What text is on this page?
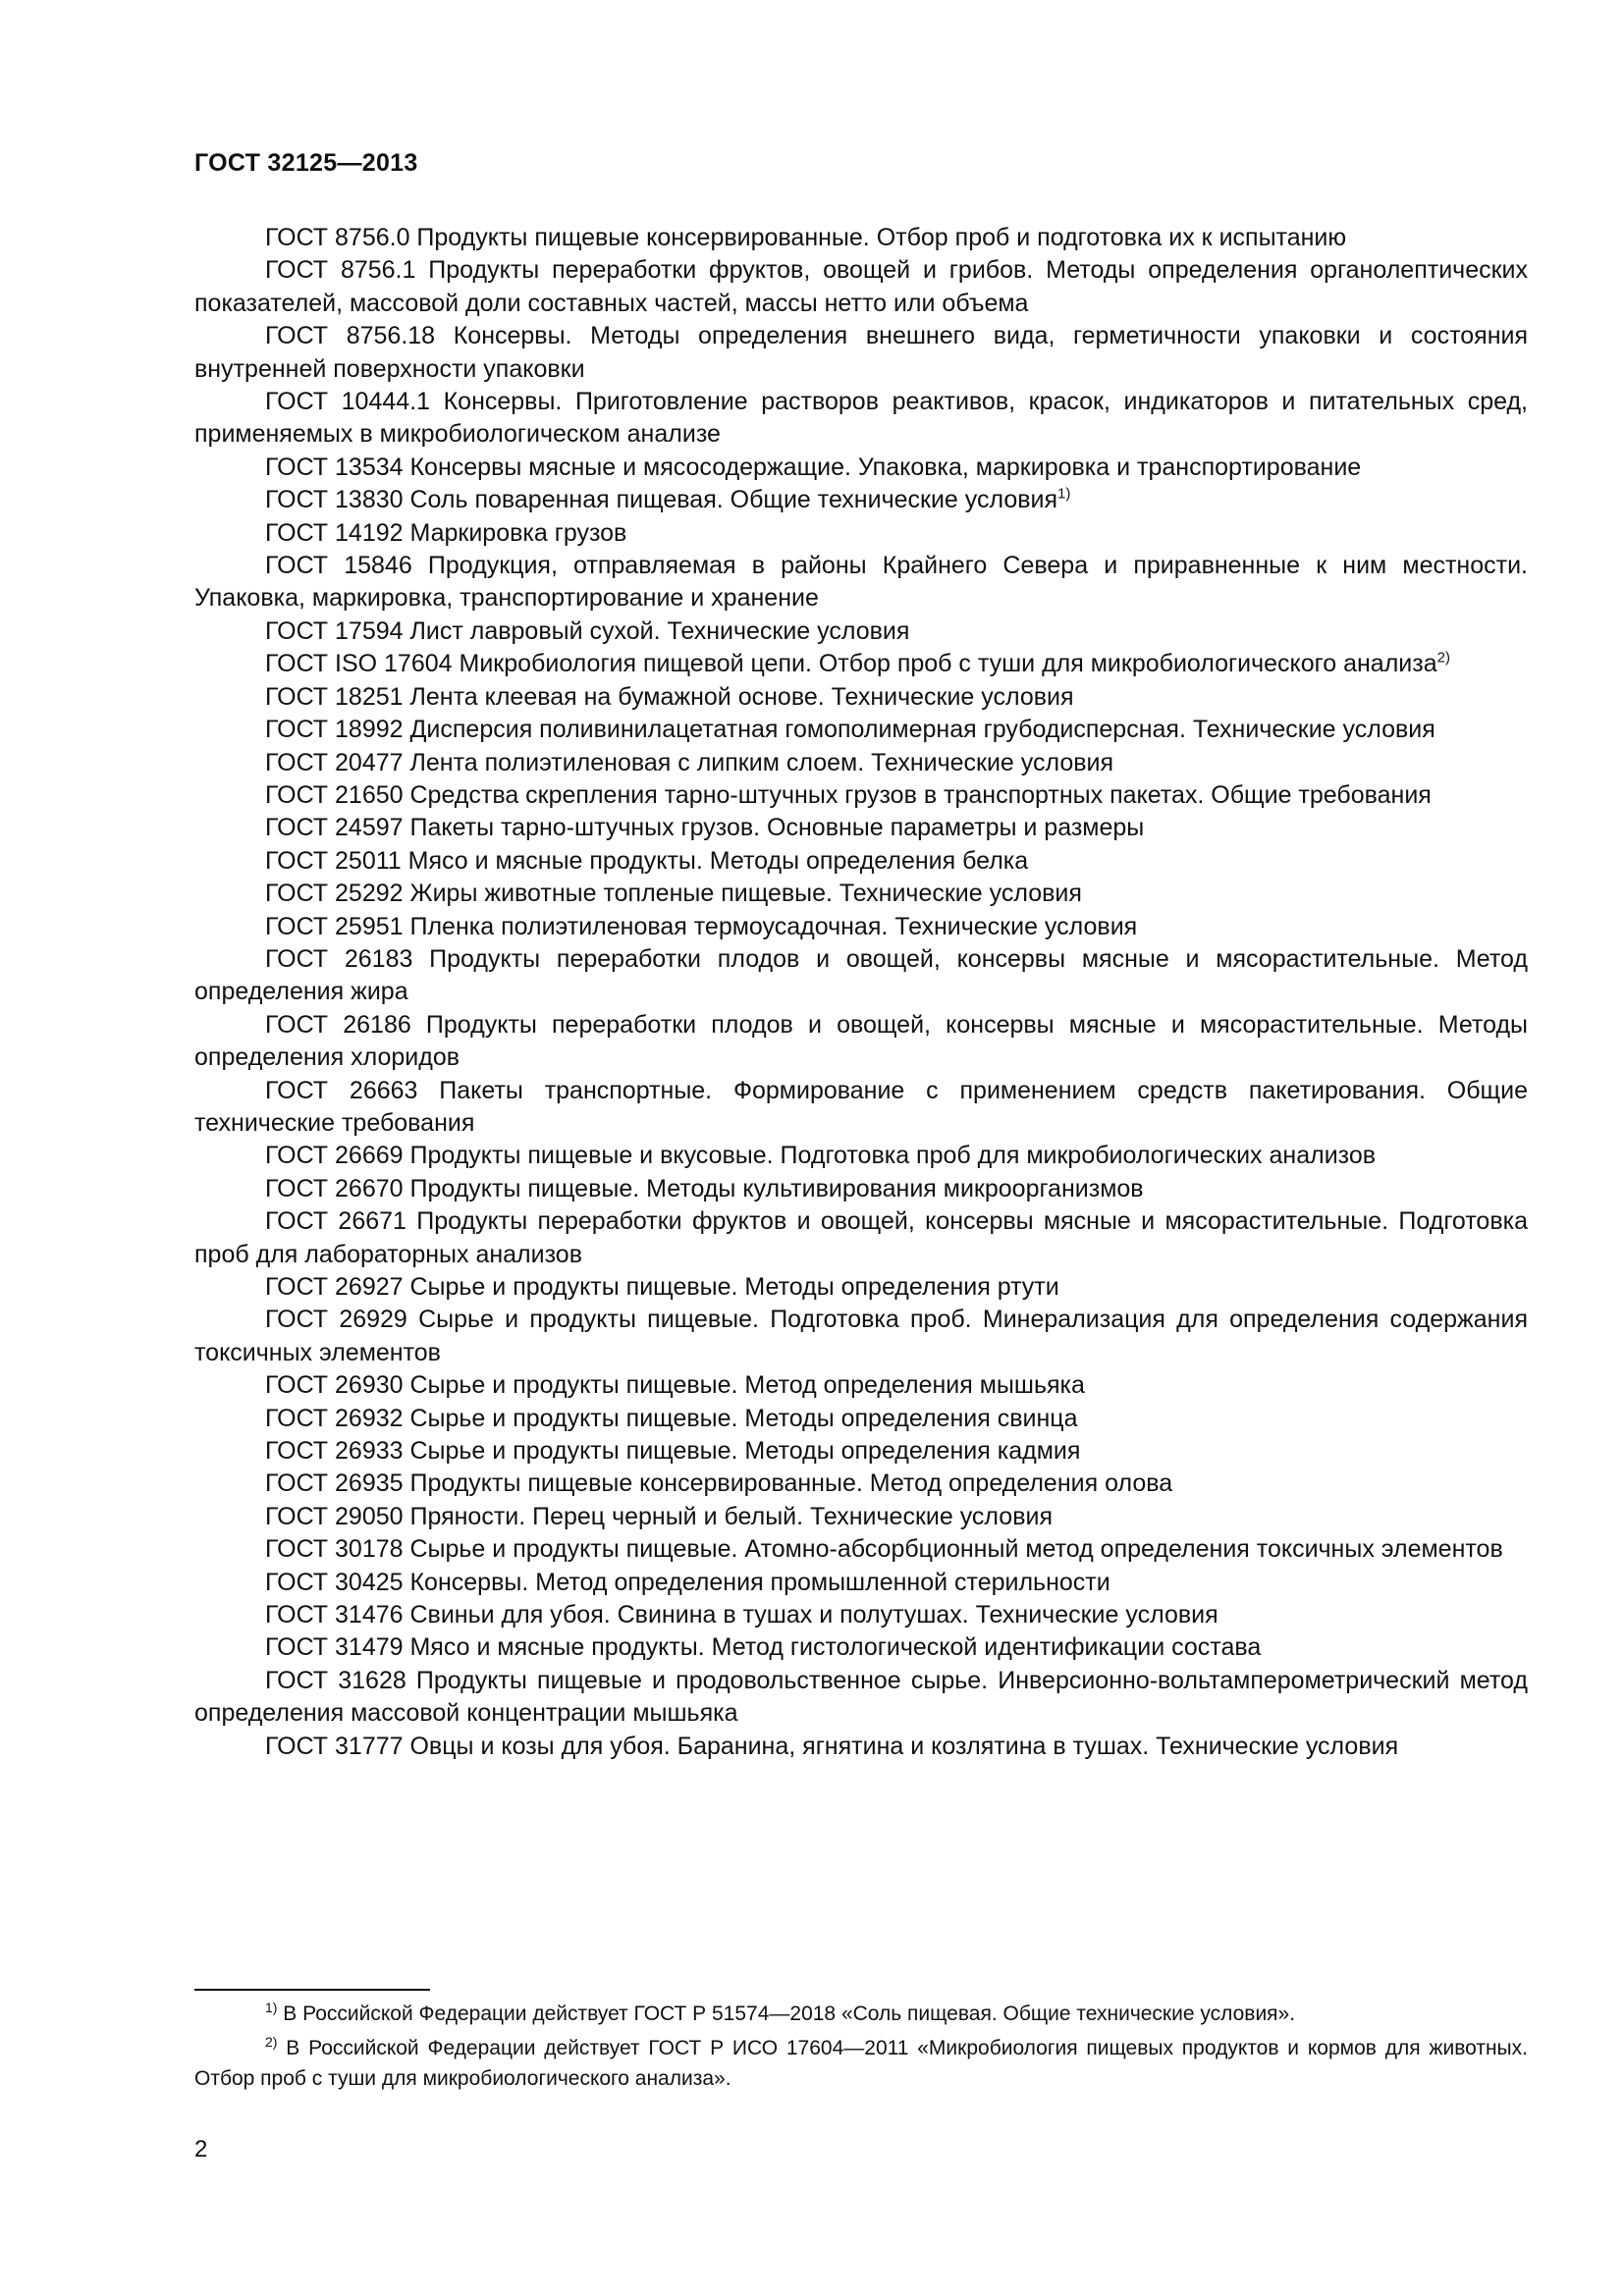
ГОСТ 32125—2013

ГОСТ 8756.0 Продукты пищевые консервированные. Отбор проб и подготовка их к испытанию

ГОСТ 8756.1 Продукты переработки фруктов, овощей и грибов. Методы определения органолептических показателей, массовой доли составных частей, массы нетто или объема

ГОСТ 8756.18 Консервы. Методы определения внешнего вида, герметичности упаковки и состояния внутренней поверхности упаковки

ГОСТ 10444.1 Консервы. Приготовление растворов реактивов, красок, индикаторов и питательных сред, применяемых в микробиологическом анализе

ГОСТ 13534 Консервы мясные и мясосодержащие. Упаковка, маркировка и транспортирование

ГОСТ 13830 Соль поваренная пищевая. Общие технические условия$^{1)}$

ГОСТ 14192 Маркировка грузов

ГОСТ 15846 Продукция, отправляемая в районы Крайнего Севера и приравненные к ним местности. Упаковка, маркировка, транспортирование и хранение

ГОСТ 17594 Лист лавровый сухой. Технические условия

ГОСТ ISO 17604 Микробиология пищевой цепи. Отбор проб с туши для микробиологического анализа$^{2)}$

ГОСТ 18251 Лента клеевая на бумажной основе. Технические условия

ГОСТ 18992 Дисперсия поливинилацетатная гомополимерная грубодисперсная. Технические условия

ГОСТ 20477 Лента полиэтиленовая с липким слоем. Технические условия

ГОСТ 21650 Средства скрепления тарно-штучных грузов в транспортных пакетах. Общие требования

ГОСТ 24597 Пакеты тарно-штучных грузов. Основные параметры и размеры

ГОСТ 25011 Мясо и мясные продукты. Методы определения белка

ГОСТ 25292 Жиры животные топленые пищевые. Технические условия

ГОСТ 25951 Пленка полиэтиленовая термоусадочная. Технические условия

ГОСТ 26183 Продукты переработки плодов и овощей, консервы мясные и мясорастительные. Метод определения жира

ГОСТ 26186 Продукты переработки плодов и овощей, консервы мясные и мясорастительные. Методы определения хлоридов

ГОСТ 26663 Пакеты транспортные. Формирование с применением средств пакетирования. Общие технические требования

ГОСТ 26669 Продукты пищевые и вкусовые. Подготовка проб для микробиологических анализов

ГОСТ 26670 Продукты пищевые. Методы культивирования микроорганизмов

ГОСТ 26671 Продукты переработки фруктов и овощей, консервы мясные и мясорастительные. Подготовка проб для лабораторных анализов

ГОСТ 26927 Сырье и продукты пищевые. Методы определения ртути

ГОСТ 26929 Сырье и продукты пищевые. Подготовка проб. Минерализация для определения содержания токсичных элементов

ГОСТ 26930 Сырье и продукты пищевые. Метод определения мышьяка

ГОСТ 26932 Сырье и продукты пищевые. Методы определения свинца

ГОСТ 26933 Сырье и продукты пищевые. Методы определения кадмия

ГОСТ 26935 Продукты пищевые консервированные. Метод определения олова

ГОСТ 29050 Пряности. Перец черный и белый. Технические условия

ГОСТ 30178 Сырье и продукты пищевые. Атомно-абсорбционный метод определения токсичных элементов

ГОСТ 30425 Консервы. Метод определения промышленной стерильности

ГОСТ 31476 Свиньи для убоя. Свинина в тушах и полутушах. Технические условия

ГОСТ 31479 Мясо и мясные продукты. Метод гистологической идентификации состава

ГОСТ 31628 Продукты пищевые и продовольственное сырье. Инверсионно-вольтамперометрический метод определения массовой концентрации мышьяка

ГОСТ 31777 Овцы и козы для убоя. Баранина, ягнятина и козлятина в тушах. Технические условия

$^{1)}$ В Российской Федерации действует ГОСТ Р 51574—2018 «Соль пищевая. Общие технические условия».

$^{2)}$ В Российской Федерации действует ГОСТ Р ИСО 17604—2011 «Микробиология пищевых продуктов и кормов для животных. Отбор проб с туши для микробиологического анализа».

2
